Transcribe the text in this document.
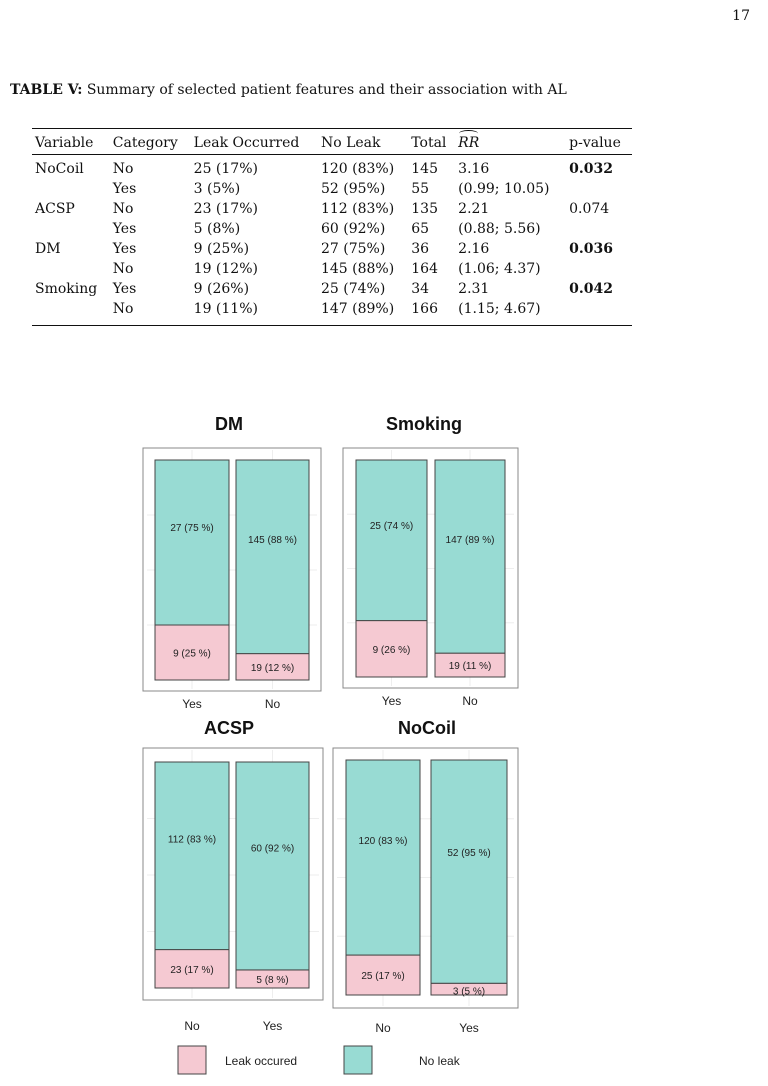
17
TABLE V: Summary of selected patient features and their association with AL
Variable	Category	Leak Occurred	No Leak	Total	RR	p-value
NoCoil	No	25 (17%)	120 (83%)	145	3.16	0.032
	Yes	3 (5%)	52 (95%)	55	(0.99; 10.05)	
ACSP	No	23 (17%)	112 (83%)	135	2.21	0.074
	Yes	5 (8%)	60 (92%)	65	(0.88; 5.56)	
DM	Yes	9 (25%)	27 (75%)	36	2.16	0.036
	No	19 (12%)	145 (88%)	164	(1.06; 4.37)	
Smoking	Yes	9 (26%)	25 (74%)	34	2.31	0.042
	No	19 (11%)	147 (89%)	166	(1.15; 4.67)	
DM
9 (25 %)
27 (75 %)
Yes
19 (12 %)
145 (88 %)
No
Smoking
9 (26 %)
25 (74 %)
Yes
19 (11 %)
147 (89 %)
No
ACSP
23 (17 %)
112 (83 %)
No
5 (8 %)
60 (92 %)
Yes
NoCoil
25 (17 %)
120 (83 %)
No
3 (5 %)
52 (95 %)
Yes
Leak occured	No leak
